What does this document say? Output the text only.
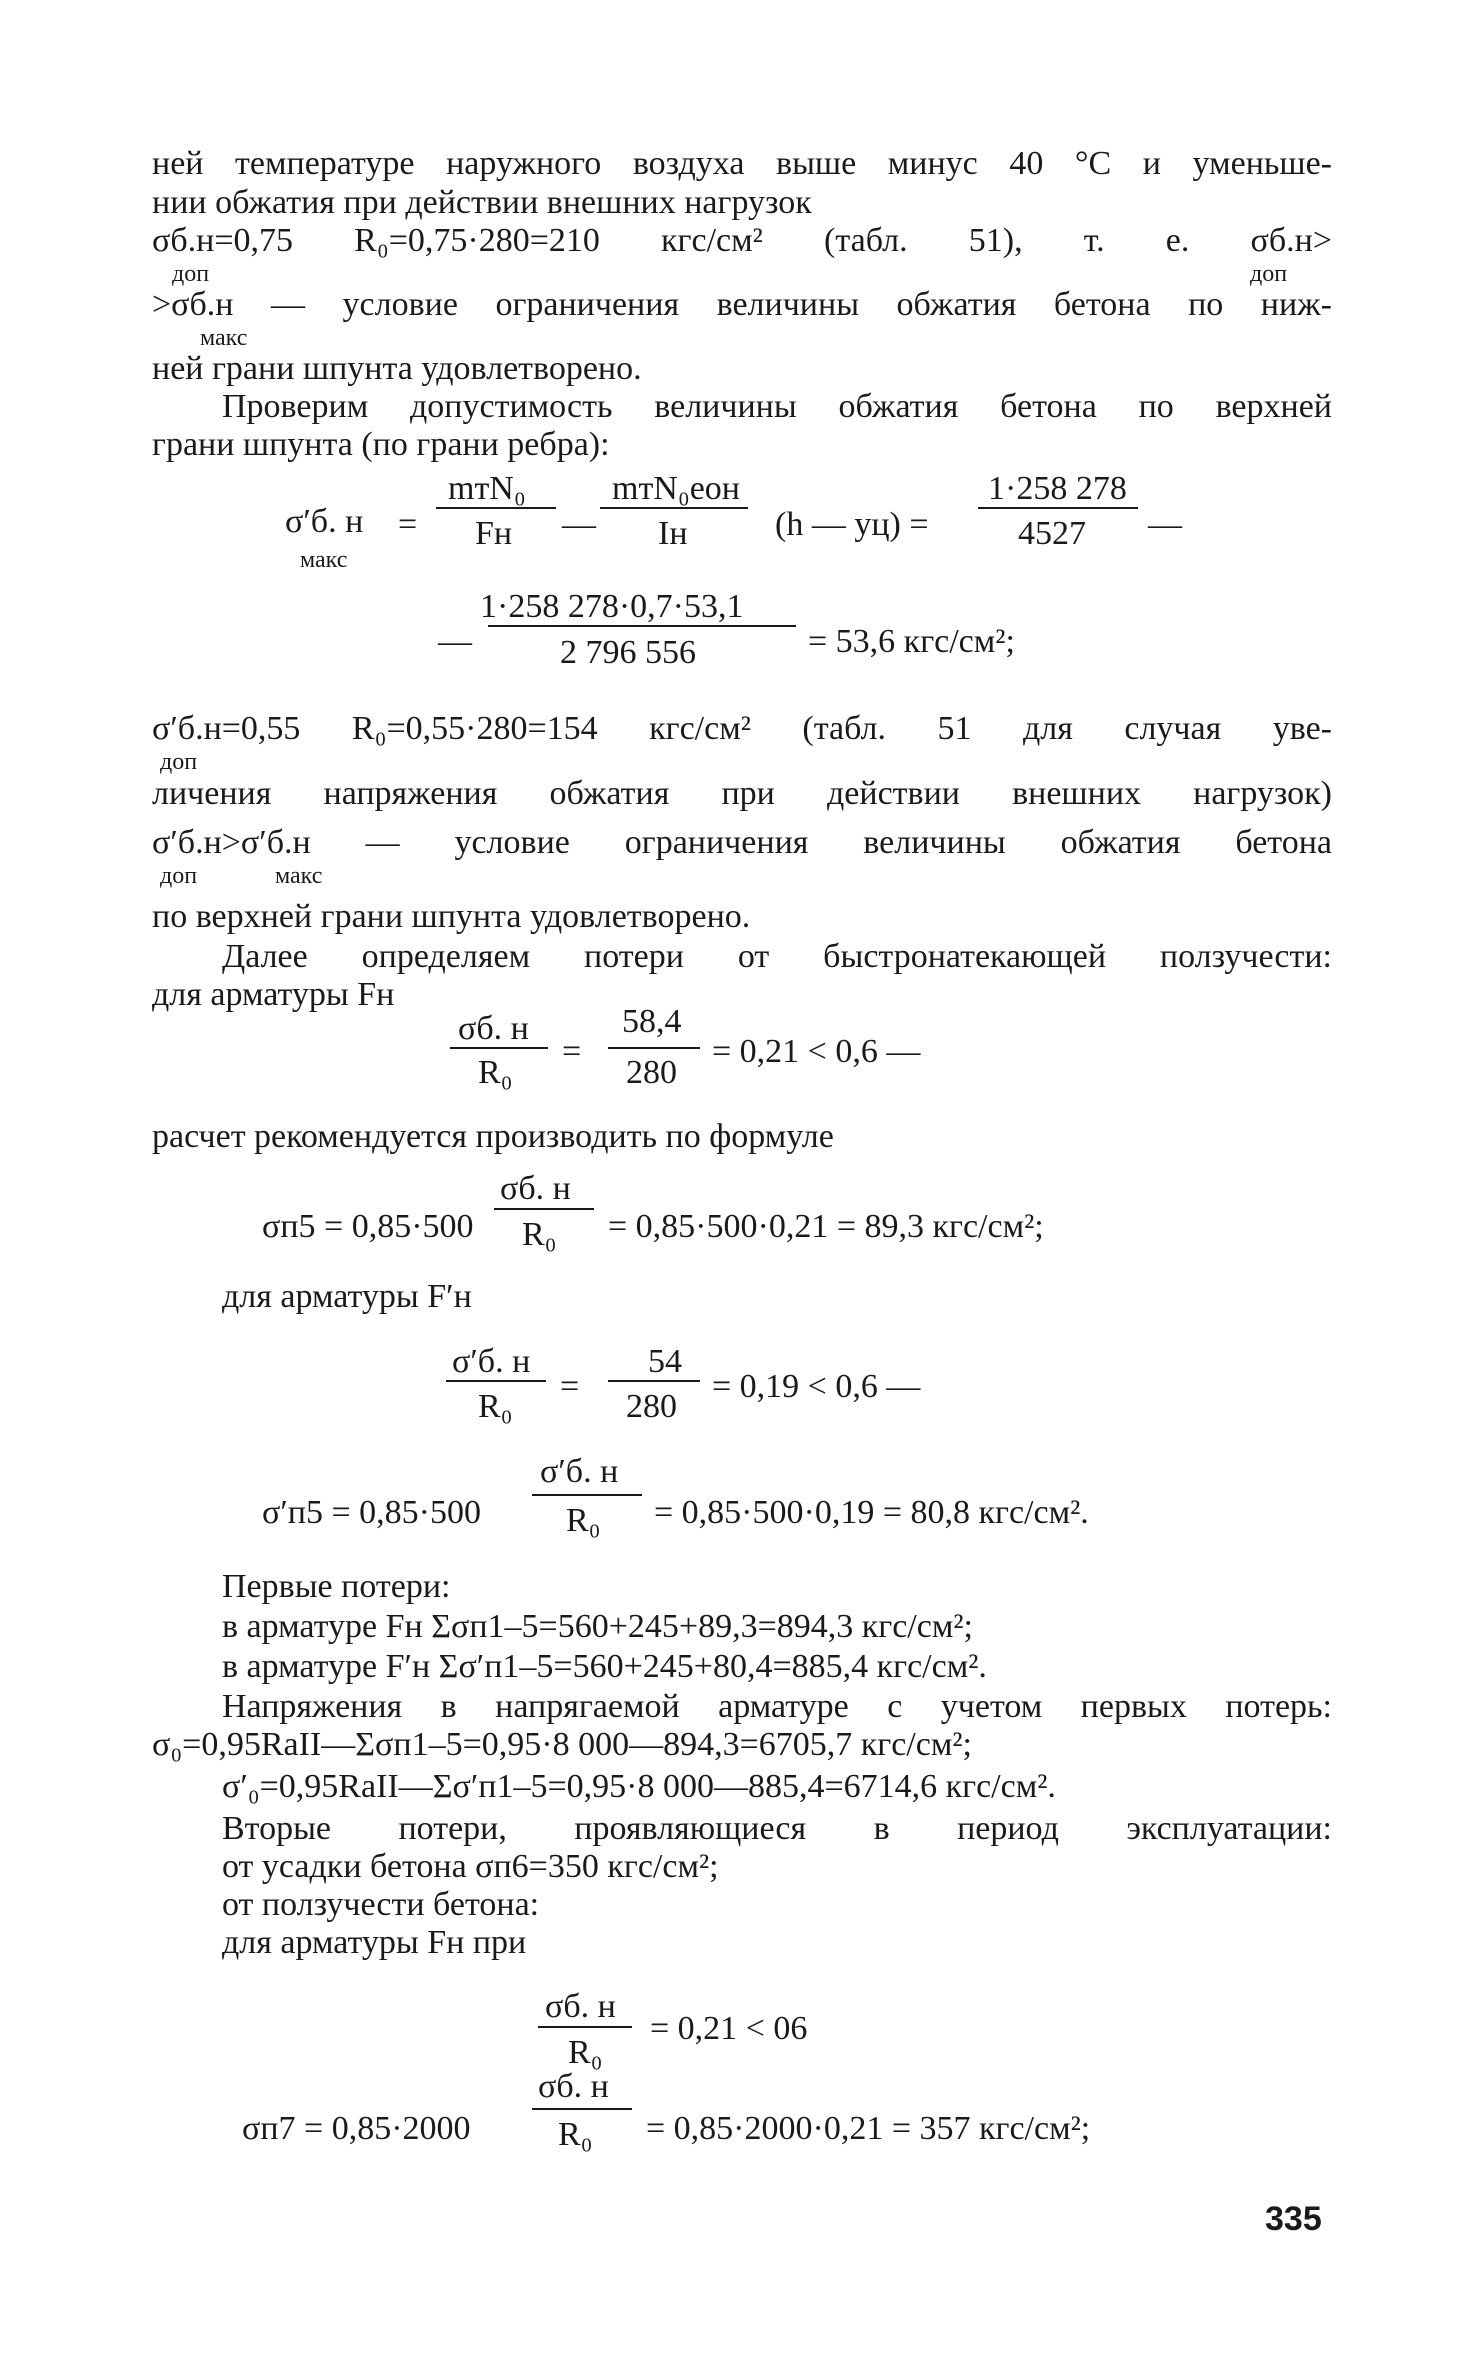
ней температуре наружного воздуха выше минус 40 °С и уменьше-
нии обжатия при действии внешних нагрузок
σб.н=0,75 R₀=0,75·280=210 кгс/см² (табл. 51), т. е. σб.н>
доп	доп
>σб.н — условие ограничения величины обжатия бетона по ниж-
макс
ней грани шпунта удовлетворено.
Проверим допустимость величины обжатия бетона по верхней
грани шпунта (по грани ребра):
σ′б. н
макс
=
mтN₀
Fн —
mтN₀eон
Iн	(h — yц) =
1·258 278
4527 —
—
1·258 278·0,7·53,1
2 796 556	= 53,6 кгс/см²;
σ′б.н=0,55 R₀=0,55·280=154 кгс/см² (табл. 51 для случая уве-
доп
личения напряжения обжатия при действии внешних нагрузок)
σ′б.н>σ′б.н — условие ограничения величины обжатия бетона
доп	макс
по верхней грани шпунта удовлетворено.
Далее определяем потери от быстронатекающей ползучести:
для арматуры Fн
σб. н
R₀
=
58,4
280
= 0,21 < 0,6 —
расчет рекомендуется производить по формуле
σп5 = 0,85·500
σб. н
R₀ = 0,85·500·0,21 = 89,3 кгс/см²;
для арматуры F′н
σ′б. н
R₀
=
54
280
= 0,19 < 0,6 —
σ′п5 = 0,85·500
σ′б. н
R₀ = 0,85·500·0,19 = 80,8 кгс/см².
Первые потери:
в арматуре Fн Σσп1–5=560+245+89,3=894,3 кгс/см²;
в арматуре F′н Σσ′п1–5=560+245+80,4=885,4 кгс/см².
Напряжения в напрягаемой арматуре с учетом первых потерь:
σ₀=0,95RaII—Σσп1–5=0,95·8 000—894,3=6705,7 кгс/см²;
σ′₀=0,95RaII—Σσ′п1–5=0,95·8 000—885,4=6714,6 кгс/см².
Вторые потери, проявляющиеся в период эксплуатации:
от усадки бетона σп6=350 кгс/см²;
от ползучести бетона:
для арматуры Fн при
σб. н
R₀
= 0,21 < 06
σп7 = 0,85·2000
σб. н
R₀ = 0,85·2000·0,21 = 357 кгс/см²;
335
